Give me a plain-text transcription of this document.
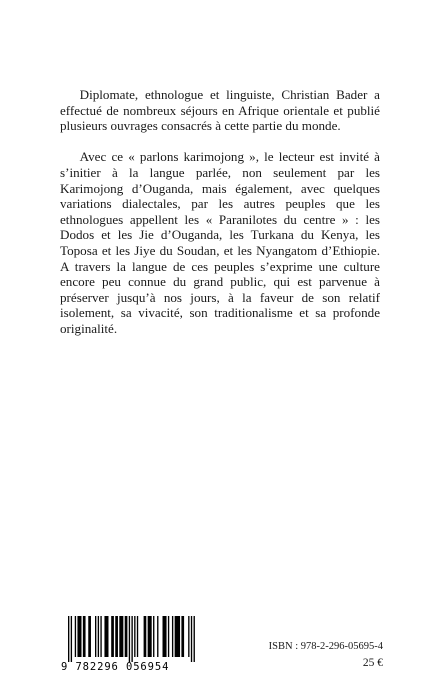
Diplomate, ethnologue et linguiste, Christian Bader a effectué de nombreux séjours en Afrique orientale et publié plusieurs ouvrages consacrés à cette partie du monde.

Avec ce « parlons karimojong », le lecteur est invité à s’initier à la langue parlée, non seulement par les Karimojong d’Ouganda, mais également, avec quelques variations dialectales, par les autres peuples que les ethnologues appellent les « Paranilotes du centre » : les Dodos et les Jie d’Ouganda, les Turkana du Kenya, les Toposa et les Jiye du Soudan, et les Nyangatom d’Ethiopie. A travers la langue de ces peuples s’exprime une culture encore peu connue du grand public, qui est parvenue à préserver jusqu’à nos jours, à la faveur de son relatif isolement, sa vivacité, son traditionalisme et sa profonde originalité.

9 782296 056954
ISBN : 978-2-296-05695-4
25 €
